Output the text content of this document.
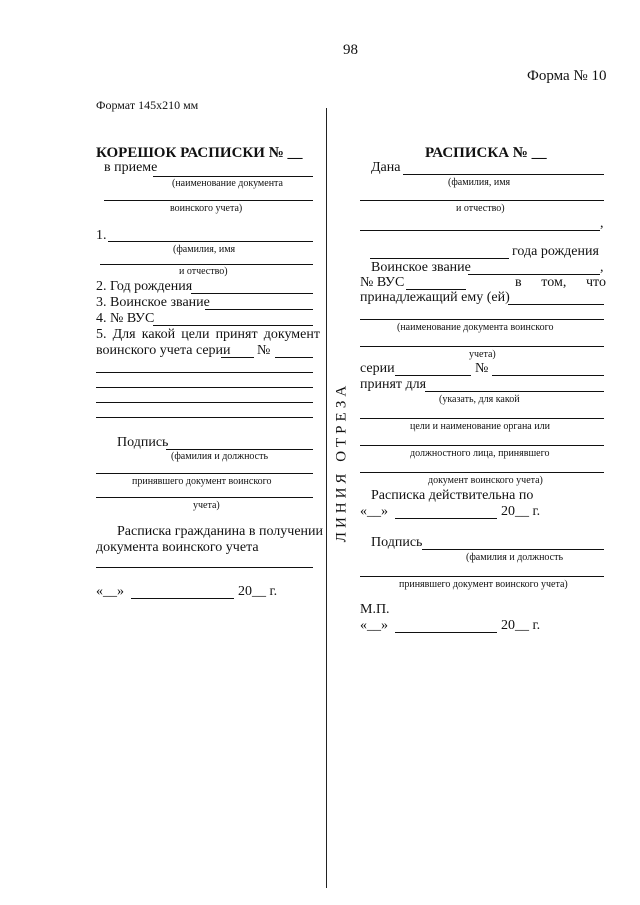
98
Форма № 10
Формат 145x210 мм
ЛИНИЯ ОТРЕЗА
КОРЕШОК РАСПИСКИ № __
в приеме
(наименование документа
воинского учета)
1.
(фамилия, имя
и отчество)
2. Год рождения
3. Воинское звание
4. № ВУС
5. Для какой цели принят документ
воинского учета серии №
Подпись
(фамилия и должность
принявшего документ воинского
учета)
Расписка гражданина в получении
документа воинского учета
«__»	20__ г.
РАСПИСКА № __
Дана
(фамилия, имя
и отчество)
,
года рождения
Воинское звание	,
№ ВУС	в том, что
принадлежащий ему (ей)
(наименование документа воинского
учета)
серии	№
принят для
(указать, для какой
цели и наименование органа или
должностного лица, принявшего
документ воинского учета)
Расписка действительна по
«__»	20__ г.
Подпись
(фамилия и должность
принявшего документ воинского учета)
М.П.
«__»	20__ г.
